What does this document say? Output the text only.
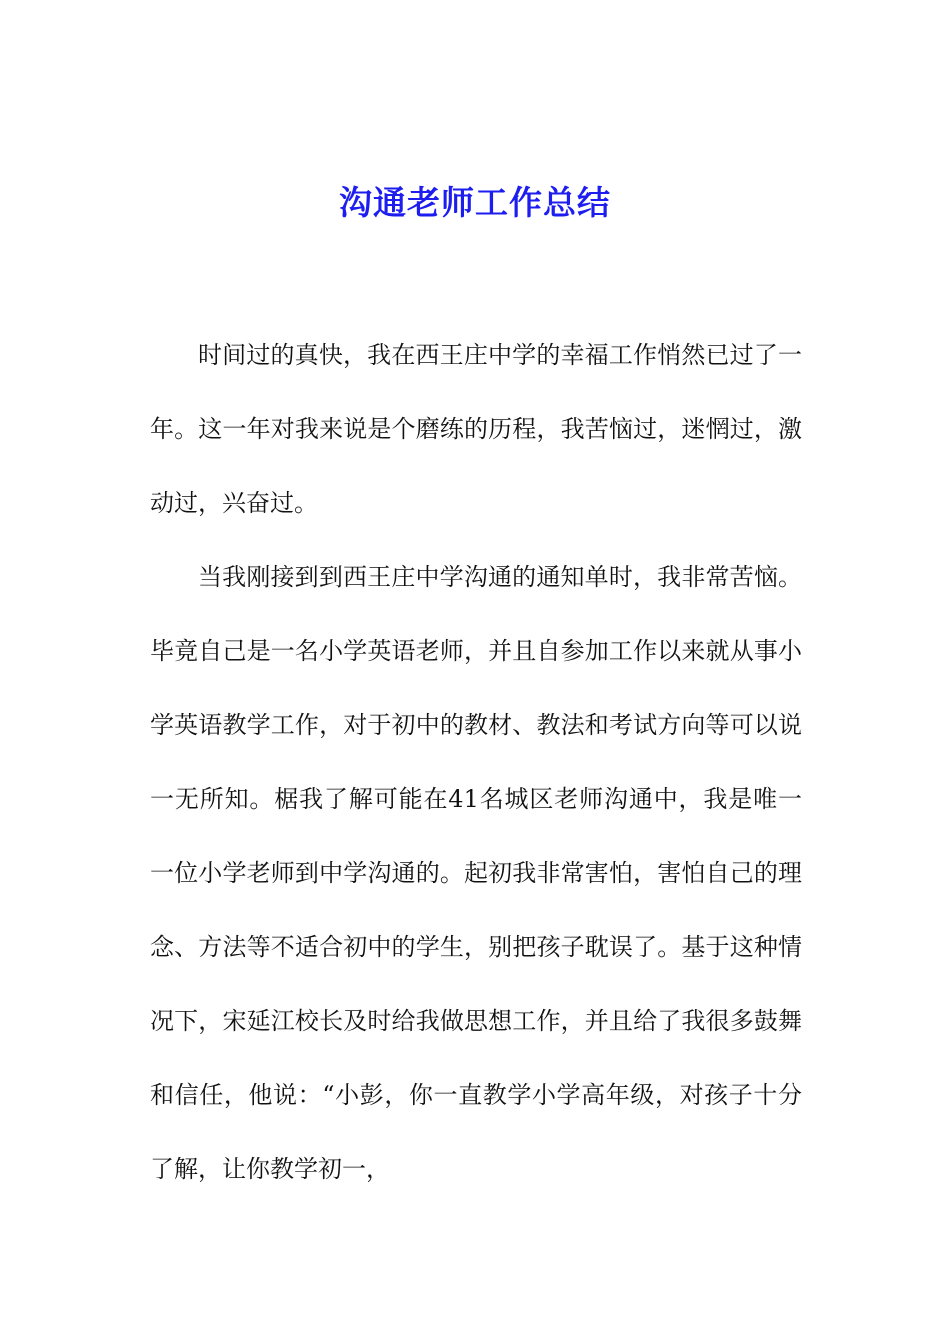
沟通老师工作总结

时间过的真快，我在西王庄中学的幸福工作悄然已过了一年。这一年对我来说是个磨练的历程，我苦恼过，迷惘过，激动过，兴奋过。

当我刚接到到西王庄中学沟通的通知单时，我非常苦恼。毕竟自己是一名小学英语老师，并且自参加工作以来就从事小学英语教学工作，对于初中的教材、教法和考试方向等可以说一无所知。椐我了解可能在41名城区老师沟通中，我是唯一一位小学老师到中学沟通的。起初我非常害怕，害怕自己的理念、方法等不适合初中的学生，别把孩子耽误了。基于这种情况下，宋延江校长及时给我做思想工作，并且给了我很多鼓舞和信任，他说：“小彭，你一直教学小学高年级，对孩子十分了解，让你教学初一，
